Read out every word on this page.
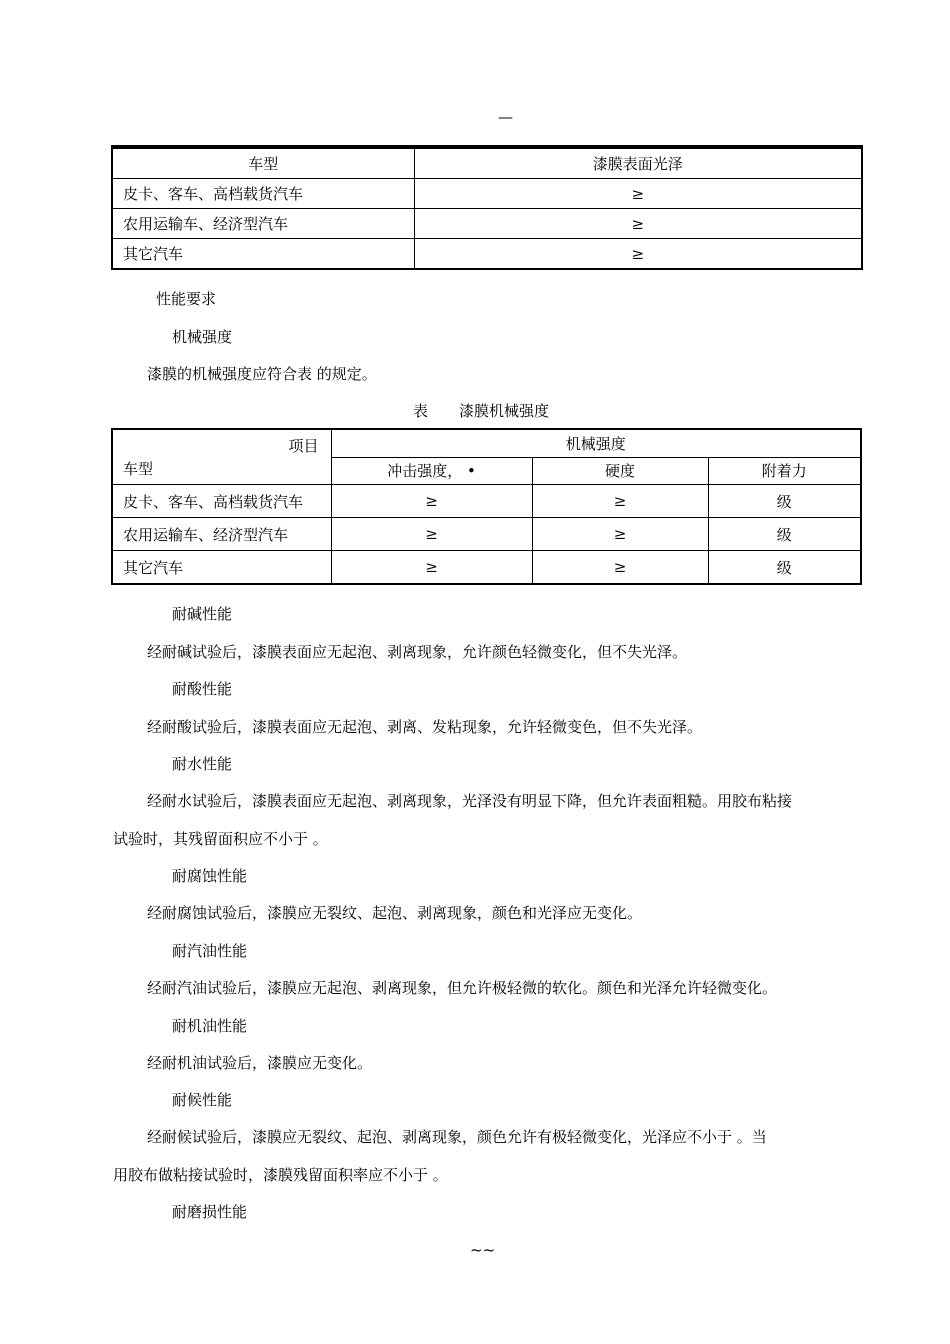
—
车型	漆膜表面光泽
皮卡、客车、高档载货汽车	≥
农用运输车、经济型汽车	≥
其它汽车	≥
性能要求
机械强度
漆膜的机械强度应符合表 的规定。
表 漆膜机械强度
项目
车型	机械强度		
	冲击强度， •	硬度	附着力
皮卡、客车、高档载货汽车	≥	≥	级
农用运输车、经济型汽车	≥	≥	级
其它汽车	≥	≥	级
耐碱性能
经耐碱试验后，漆膜表面应无起泡、剥离现象，允许颜色轻微变化，但不失光泽。
耐酸性能
经耐酸试验后，漆膜表面应无起泡、剥离、发粘现象，允许轻微变色，但不失光泽。
耐水性能
经耐水试验后，漆膜表面应无起泡、剥离现象，光泽没有明显下降，但允许表面粗糙。用胶布粘接
试验时，其残留面积应不小于 。
耐腐蚀性能
经耐腐蚀试验后，漆膜应无裂纹、起泡、剥离现象，颜色和光泽应无变化。
耐汽油性能
经耐汽油试验后，漆膜应无起泡、剥离现象，但允许极轻微的软化。颜色和光泽允许轻微变化。
耐机油性能
经耐机油试验后，漆膜应无变化。
耐候性能
经耐候试验后，漆膜应无裂纹、起泡、剥离现象，颜色允许有极轻微变化，光泽应不小于 。当
用胶布做粘接试验时，漆膜残留面积率应不小于 。
耐磨损性能
~~
